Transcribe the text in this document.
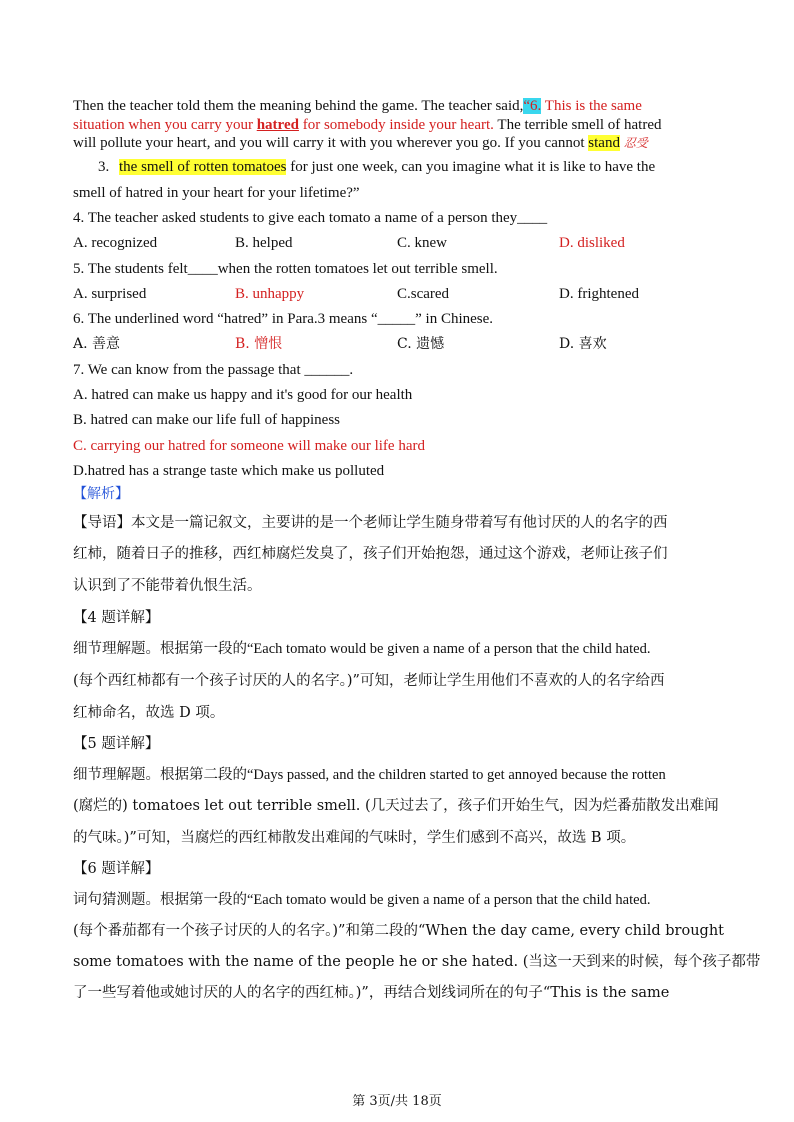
Then the teacher told them the meaning behind the game. The teacher said,“6. This is the same
situation when you carry your hatred for somebody inside your heart. The terrible smell of hatred
will pollute your heart, and you will carry it with you wherever you go. If you cannot stand 忍受
3. the smell of rotten tomatoes for just one week, can you imagine what it is like to have the
smell of hatred in your heart for your lifetime?”
4. The teacher asked students to give each tomato a name of a person they____
A. recognized	B. helped	C. knew	D. disliked
5. The students felt____when the rotten tomatoes let out terrible smell.
A. surprised	B. unhappy	C.scared	D. frightened
6. The underlined word “hatred” in Para.3 means “_____” in Chinese.
A. 善意	B. 憎恨	C. 遗憾	D. 喜欢
7. We can know from the passage that ______.
A. hatred can make us happy and it's good for our health
B. hatred can make our life full of happiness
C. carrying our hatred for someone will make our life hard
D.hatred has a strange taste which make us polluted
【解析】
【导语】本文是一篇记叙文，主要讲的是一个老师让学生随身带着写有他讨厌的人的名字的西
红柿，随着日子的推移，西红柿腐烂发臭了，孩子们开始抱怨，通过这个游戏，老师让孩子们
认识到了不能带着仇恨生活。
【4 题详解】
细节理解题。根据第一段的“Each tomato would be given a name of a person that the child hated.
(每个西红柿都有一个孩子讨厌的人的名字。)”可知，老师让学生用他们不喜欢的人的名字给西
红柿命名，故选 D 项。
【5 题详解】
细节理解题。根据第二段的“Days passed, and the children started to get annoyed because the rotten
(腐烂的) tomatoes let out terrible smell. (几天过去了，孩子们开始生气，因为烂番茄散发出难闻
的气味。)”可知，当腐烂的西红柿散发出难闻的气味时，学生们感到不高兴，故选 B 项。
【6 题详解】
词句猜测题。根据第一段的“Each tomato would be given a name of a person that the child hated.
(每个番茄都有一个孩子讨厌的人的名字。)”和第二段的“When the day came, every child brought
some tomatoes with the name of the people he or she hated. (当这一天到来的时候，每个孩子都带
了一些写着他或她讨厌的人的名字的西红柿。)”，再结合划线词所在的句子“This is the same
第 3页/共 18页
